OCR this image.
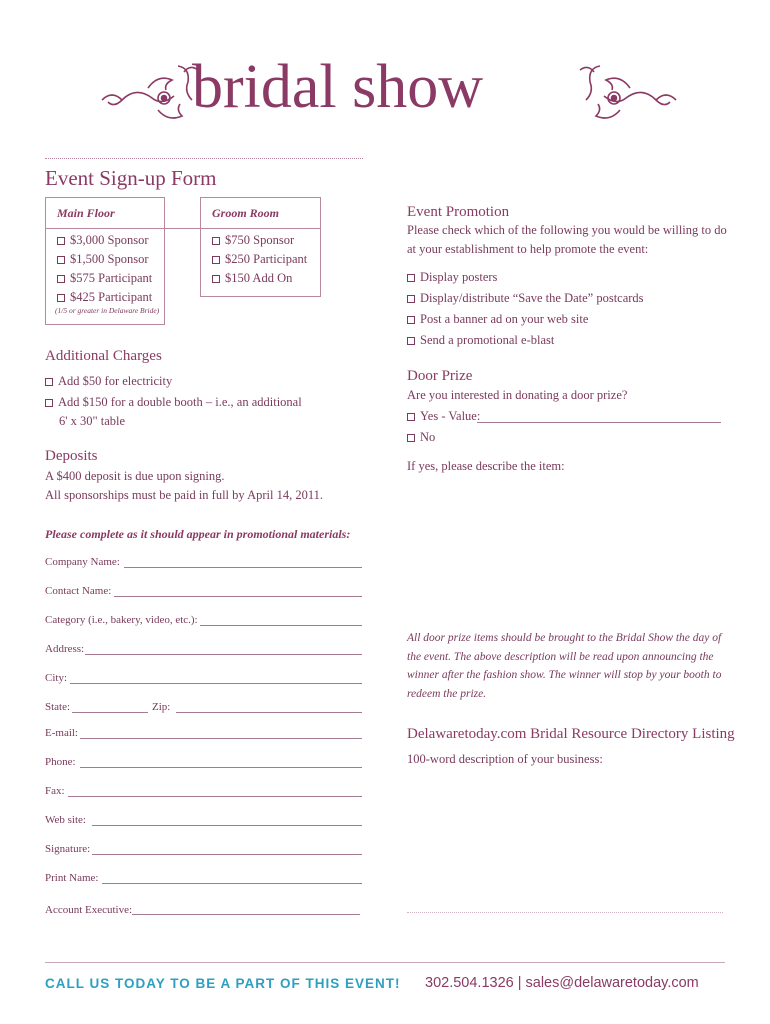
bridal show
Event Sign-up Form
Main Floor	Groom Room
$3,000 Sponsor
$1,500 Sponsor
$575 Participant
$425 Participant
(1/5 or greater in Delaware Bride)
$750 Sponsor
$250 Participant
$150 Add On
Additional Charges
Add $50 for electricity
Add $150 for a double booth – i.e., an additional
6' x 30" table
Deposits
A $400 deposit is due upon signing.
All sponsorships must be paid in full by April 14, 2011.
Please complete as it should appear in promotional materials:
Company Name:
Contact Name:
Category (i.e., bakery, video, etc.):
Address:
City:
State:	Zip:
E-mail:
Phone:
Fax:
Web site:
Signature:
Print Name:
Account Executive:
Event Promotion
Please check which of the following you would be willing to do
at your establishment to help promote the event:
Display posters
Display/distribute “Save the Date” postcards
Post a banner ad on your web site
Send a promotional e-blast
Door Prize
Are you interested in donating a door prize?
Yes - Value:
No
If yes, please describe the item:
All door prize items should be brought to the Bridal Show the day of
the event. The above description will be read upon announcing the
winner after the fashion show. The winner will stop by your booth to
redeem the prize.
Delawaretoday.com Bridal Resource Directory Listing
100-word description of your business:
CALL US TODAY TO BE A PART OF THIS EVENT! 302.504.1326 | sales@delawaretoday.com
